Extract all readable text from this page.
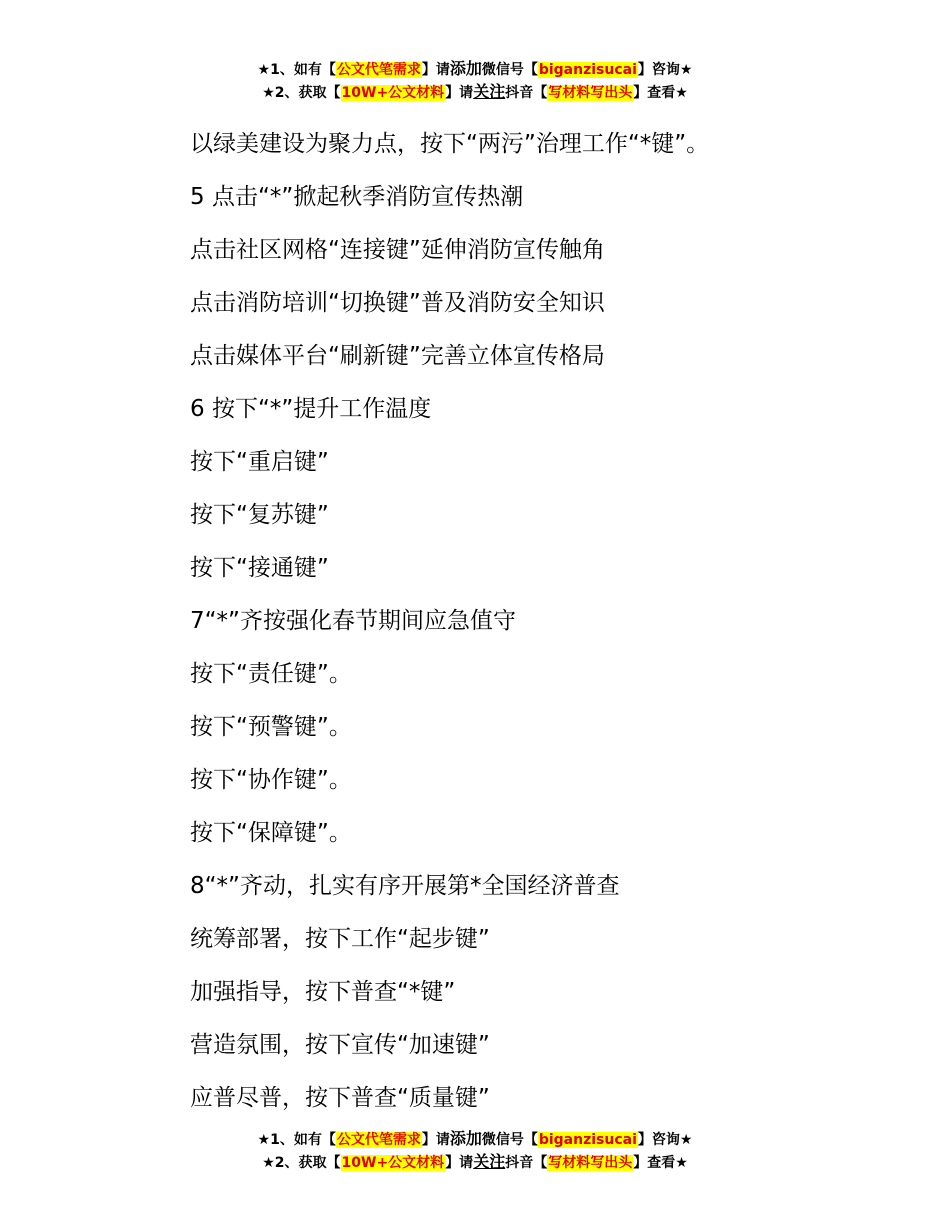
★1、如有【公文代笔需求】请添加微信号【biganzisucai】咨询★
★2、获取【10W+公文材料】请关注抖音【写材料写出头】查看★

以绿美建设为聚力点，按下“两污”治理工作“*键”。

5 点击“*”掀起秋季消防宣传热潮

点击社区网格“连接键”延伸消防宣传触角

点击消防培训“切换键”普及消防安全知识

点击媒体平台“刷新键”完善立体宣传格局

6 按下“*”提升工作温度

按下“重启键”

按下“复苏键”

按下“接通键”

7“*”齐按强化春节期间应急值守

按下“责任键”。

按下“预警键”。

按下“协作键”。

按下“保障键”。

8“*”齐动，扎实有序开展第*全国经济普查

统筹部署，按下工作“起步键”

加强指导，按下普查“*键”

营造氛围，按下宣传“加速键”

应普尽普，按下普查“质量键”

★1、如有【公文代笔需求】请添加微信号【biganzisucai】咨询★
★2、获取【10W+公文材料】请关注抖音【写材料写出头】查看★
